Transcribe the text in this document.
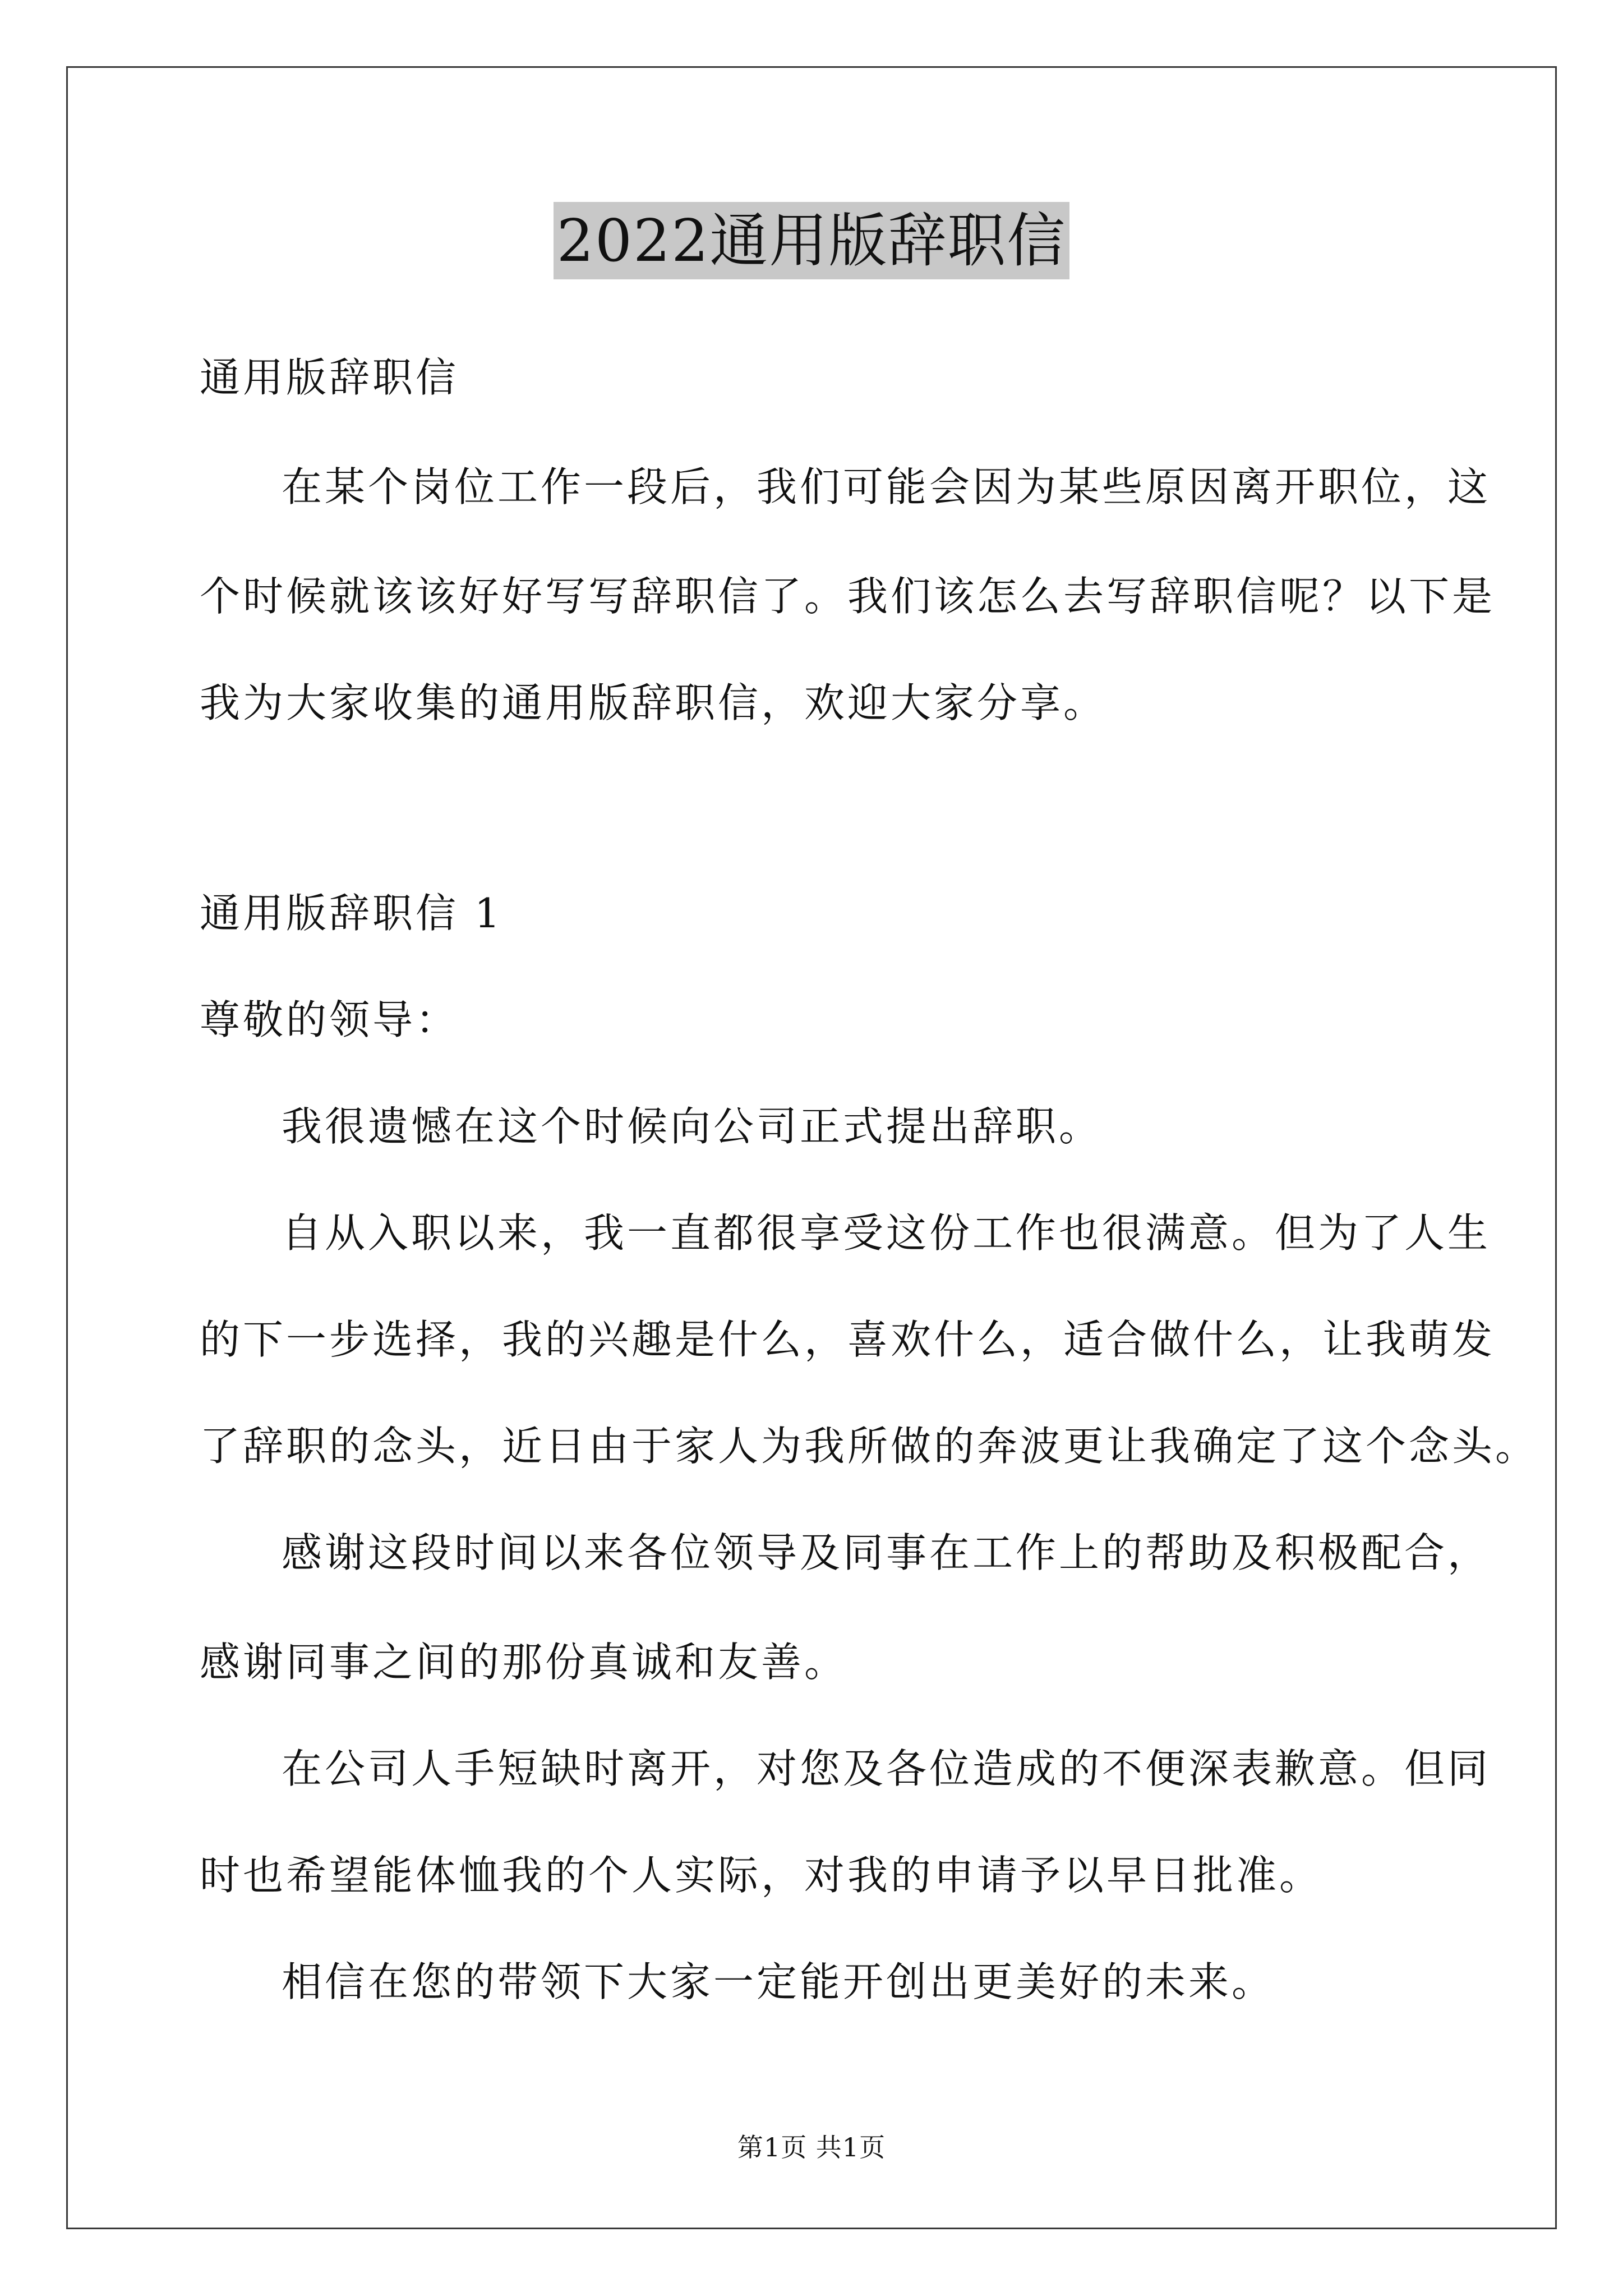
2022通用版辞职信
通用版辞职信
在某个岗位工作一段后，我们可能会因为某些原因离开职位，这
个时候就该该好好写写辞职信了。我们该怎么去写辞职信呢？以下是
我为大家收集的通用版辞职信，欢迎大家分享。
通用版辞职信 1
尊敬的领导：
我很遗憾在这个时候向公司正式提出辞职。
自从入职以来，我一直都很享受这份工作也很满意。但为了人生
的下一步选择，我的兴趣是什么，喜欢什么，适合做什么，让我萌发
了辞职的念头，近日由于家人为我所做的奔波更让我确定了这个念头。
感谢这段时间以来各位领导及同事在工作上的帮助及积极配合，
感谢同事之间的那份真诚和友善。
在公司人手短缺时离开，对您及各位造成的不便深表歉意。但同
时也希望能体恤我的个人实际，对我的申请予以早日批准。
相信在您的带领下大家一定能开创出更美好的未来。
第1页 共1页
